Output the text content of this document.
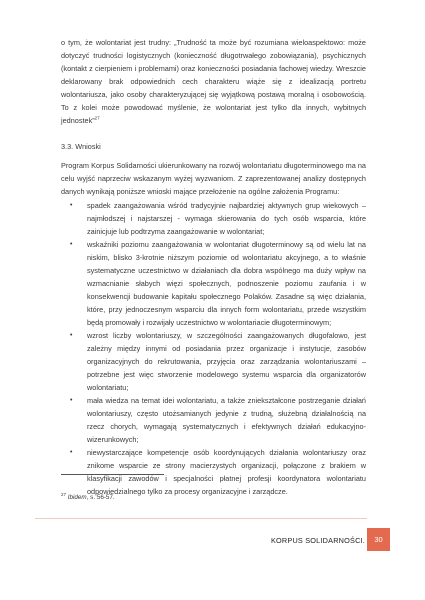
o tym, że wolontariat jest trudny: „Trudność ta może być rozumiana wieloaspektowo: może dotyczyć trudności logistycznych (konieczność długotrwałego zobowiązania), psychicznych (kontakt z cierpieniem i problemami) oraz konieczności posiadania fachowej wiedzy. Wreszcie deklarowany brak odpowiednich cech charakteru wiąże się z idealizacją portretu wolontariusza, jako osoby charakteryzującej się wyjątkową postawą moralną i osobowością. To z kolei może powodować myślenie, że wolontariat jest tylko dla innych, wybitnych jednostek”$^{27}$

3.3. Wnioski

Program Korpus Solidarności ukierunkowany na rozwój wolontariatu długoterminowego ma na celu wyjść naprzeciw wskazanym wyżej wyzwaniom. Z zaprezentowanej analizy dostępnych danych wynikają poniższe wnioski mające przełożenie na ogólne założenia Programu:

• spadek zaangażowania wśród tradycyjnie najbardziej aktywnych grup wiekowych – najmłodszej i najstarszej - wymaga skierowania do tych osób wsparcia, które zainicjuje lub podtrzyma zaangażowanie w wolontariat;
• wskaźniki poziomu zaangażowania w wolontariat długoterminowy są od wielu lat na niskim, blisko 3-krotnie niższym poziomie od wolontariatu akcyjnego, a to właśnie systematyczne uczestnictwo w działaniach dla dobra wspólnego ma duży wpływ na wzmacnianie słabych więzi społecznych, podnoszenie poziomu zaufania i w konsekwencji budowanie kapitału społecznego Polaków. Zasadne są więc działania, które, przy jednoczesnym wsparciu dla innych form wolontariatu, przede wszystkim będą promowały i rozwijały uczestnictwo w wolontariacie długoterminowym;
• wzrost liczby wolontariuszy, w szczególności zaangażowanych długofalowo, jest zależny między innymi od posiadania przez organizacje i instytucje, zasobów organizacyjnych do rekrutowania, przyjęcia oraz zarządzania wolontariuszami – potrzebne jest więc stworzenie modelowego systemu wsparcia dla organizatorów wolontariatu;
• mała wiedza na temat idei wolontariatu, a także zniekształcone postrzeganie działań wolontariuszy, często utożsamianych jedynie z trudną, służebną działalnością na rzecz chorych, wymagają systematycznych i efektywnych działań edukacyjno-wizerunkowych;
• niewystarczające kompetencje osób koordynujących działania wolontariuszy oraz znikome wsparcie ze strony macierzystych organizacji, połączone z brakiem w klasyfikacji zawodów i specjalności płatnej profesji koordynatora wolontariatu odpowiedzialnego tylko za procesy organizacyjne i zarządcze.
$^{27}$ Ibidem, s. 56-57.
KORPUS SOLIDARNOŚCI.	30
